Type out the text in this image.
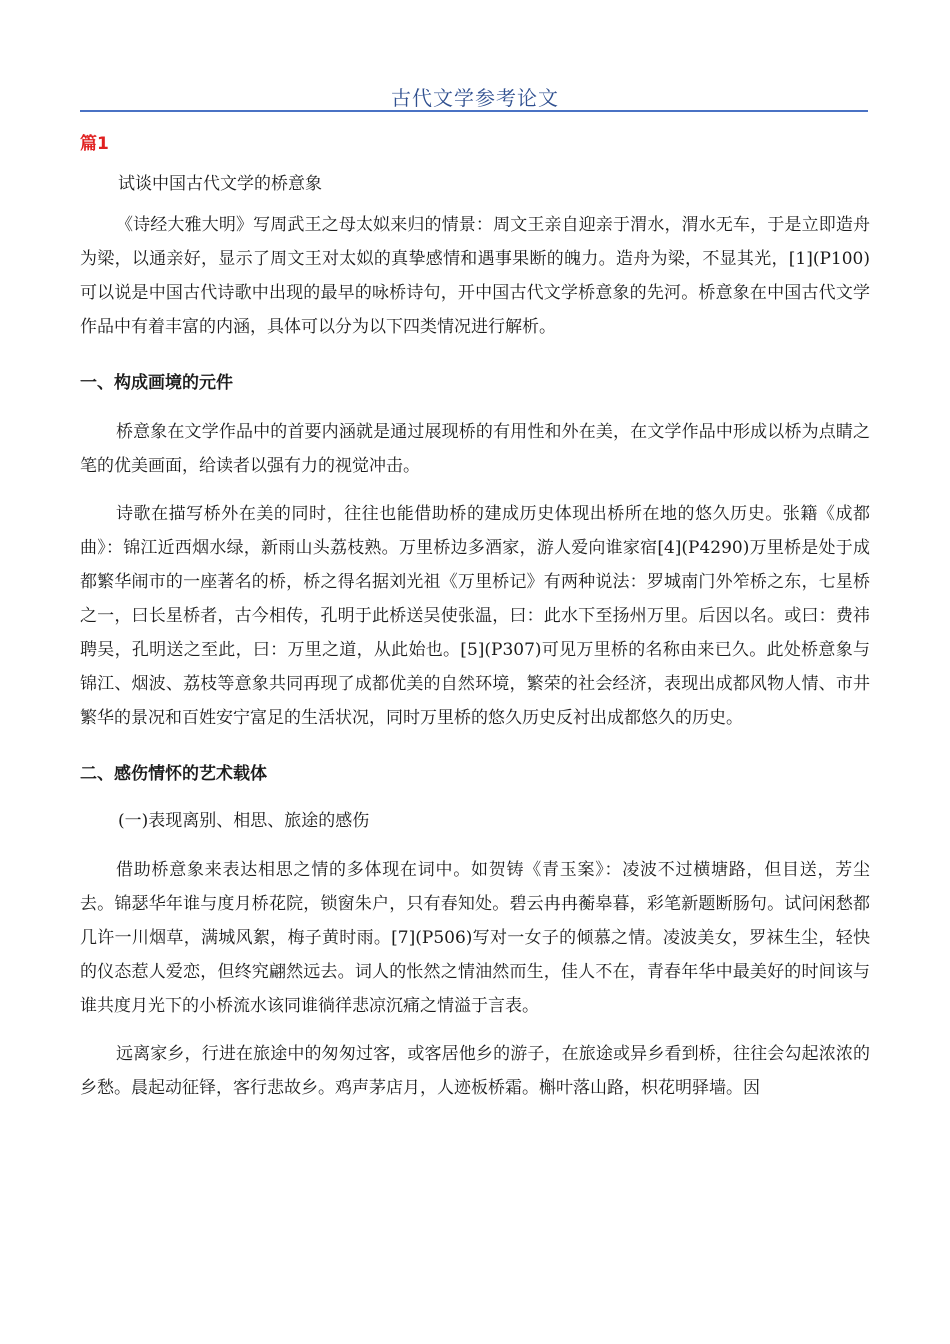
古代文学参考论文
篇1
试谈中国古代文学的桥意象

《诗经大雅大明》写周武王之母太姒来归的情景：周文王亲自迎亲于渭水，渭水无车，于是立即造舟为梁，以通亲好，显示了周文王对太姒的真挚感情和遇事果断的魄力。造舟为梁，不显其光，[1](P100)可以说是中国古代诗歌中出现的最早的咏桥诗句，开中国古代文学桥意象的先河。桥意象在中国古代文学作品中有着丰富的内涵，具体可以分为以下四类情况进行解析。

一、构成画境的元件

桥意象在文学作品中的首要内涵就是通过展现桥的有用性和外在美，在文学作品中形成以桥为点睛之笔的优美画面，给读者以强有力的视觉冲击。

诗歌在描写桥外在美的同时，往往也能借助桥的建成历史体现出桥所在地的悠久历史。张籍《成都曲》：锦江近西烟水绿，新雨山头荔枝熟。万里桥边多酒家，游人爱向谁家宿[4](P4290)万里桥是处于成都繁华闹市的一座著名的桥，桥之得名据刘光祖《万里桥记》有两种说法：罗城南门外笮桥之东，七星桥之一，曰长星桥者，古今相传，孔明于此桥送吴使张温，曰：此水下至扬州万里。后因以名。或曰：费祎聘吴，孔明送之至此，曰：万里之道，从此始也。[5](P307)可见万里桥的名称由来已久。此处桥意象与锦江、烟波、荔枝等意象共同再现了成都优美的自然环境，繁荣的社会经济，表现出成都风物人情、市井繁华的景况和百姓安宁富足的生活状况，同时万里桥的悠久历史反衬出成都悠久的历史。

二、感伤情怀的艺术载体
(一)表现离别、相思、旅途的感伤

借助桥意象来表达相思之情的多体现在词中。如贺铸《青玉案》：凌波不过横塘路，但目送，芳尘去。锦瑟华年谁与度月桥花院，锁窗朱户，只有春知处。碧云冉冉蘅皋暮，彩笔新题断肠句。试问闲愁都几许一川烟草，满城风絮，梅子黄时雨。[7](P506)写对一女子的倾慕之情。凌波美女，罗袜生尘，轻快的仪态惹人爱恋，但终究翩然远去。词人的怅然之情油然而生，佳人不在，青春年华中最美好的时间该与谁共度月光下的小桥流水该同谁徜徉悲凉沉痛之情溢于言表。

远离家乡，行进在旅途中的匆匆过客，或客居他乡的游子，在旅途或异乡看到桥，往往会勾起浓浓的乡愁。晨起动征铎，客行悲故乡。鸡声茅店月，人迹板桥霜。槲叶落山路，枳花明驿墙。因
